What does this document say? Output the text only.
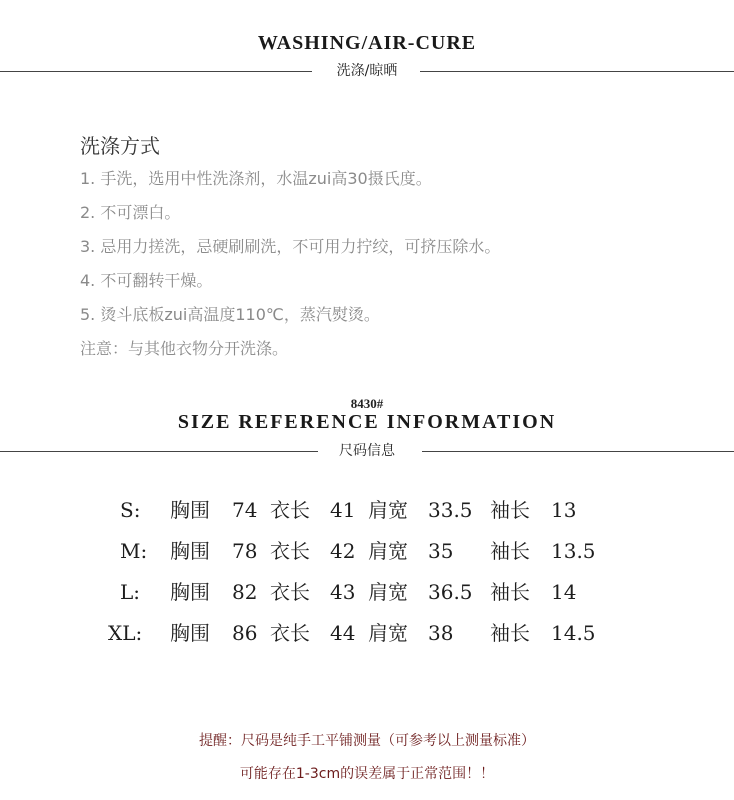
WASHING/AIR-CURE
洗涤/晾晒
洗涤方式
1. 手洗，选用中性洗涤剂，水温zui高30摄氏度。
2. 不可漂白。
3. 忌用力搓洗，忌硬刷刷洗，不可用力拧绞，可挤压除水。
4. 不可翻转干燥。
5. 烫斗底板zui高温度110℃，蒸汽熨烫。
注意：与其他衣物分开洗涤。
8430#
SIZE REFERENCE INFORMATION
尺码信息
S: 胸围 74 衣长 41 肩宽 33.5 袖长 13
M: 胸围 78 衣长 42 肩宽 35 袖长 13.5
L: 胸围 82 衣长 43 肩宽 36.5 袖长 14
XL: 胸围 86 衣长 44 肩宽 38 袖长 14.5
提醒：尺码是纯手工平铺测量（可参考以上测量标准）
可能存在1-3cm的误差属于正常范围！！
